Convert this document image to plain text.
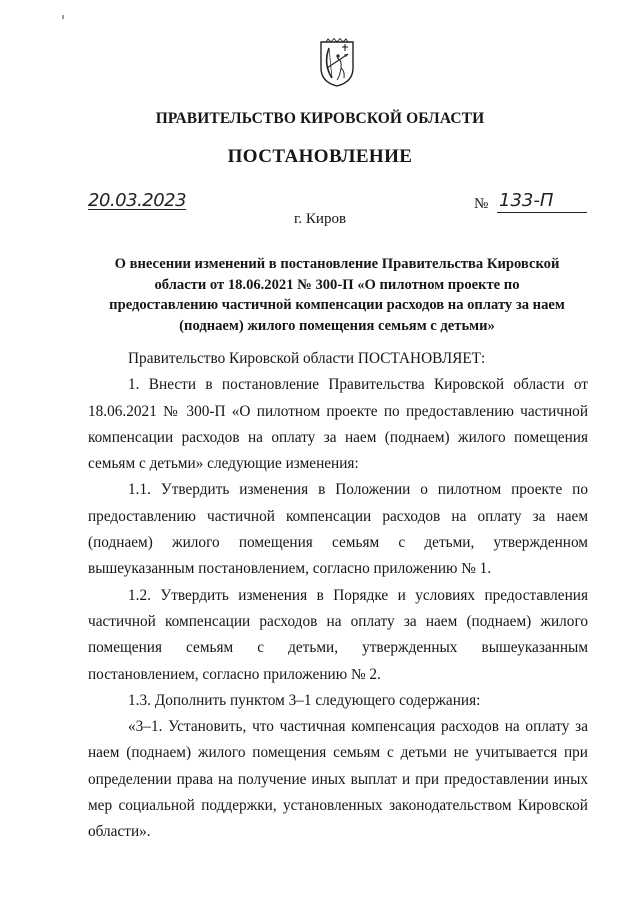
ПРАВИТЕЛЬСТВО КИРОВСКОЙ ОБЛАСТИ
ПОСТАНОВЛЕНИЕ
20.03.2023	№ 133-П
г. Киров
О внесении изменений в постановление Правительства Кировской области от 18.06.2021 № 300-П «О пилотном проекте по предоставлению частичной компенсации расходов на оплату за наем (поднаем) жилого помещения семьям с детьми»

Правительство Кировской области ПОСТАНОВЛЯЕТ:

1. Внести в постановление Правительства Кировской области от 18.06.2021 № 300-П «О пилотном проекте по предоставлению частичной компенсации расходов на оплату за наем (поднаем) жилого помещения семьям с детьми» следующие изменения:

1.1. Утвердить изменения в Положении о пилотном проекте по предоставлению частичной компенсации расходов на оплату за наем (поднаем) жилого помещения семьям с детьми, утвержденном вышеуказанным постановлением, согласно приложению № 1.

1.2. Утвердить изменения в Порядке и условиях предоставления частичной компенсации расходов на оплату за наем (поднаем) жилого помещения семьям с детьми, утвержденных вышеуказанным постановлением, согласно приложению № 2.

1.3. Дополнить пунктом 3–1 следующего содержания:

«3–1. Установить, что частичная компенсация расходов на оплату за наем (поднаем) жилого помещения семьям с детьми не учитывается при определении права на получение иных выплат и при предоставлении иных мер социальной поддержки, установленных законодательством Кировской области».
